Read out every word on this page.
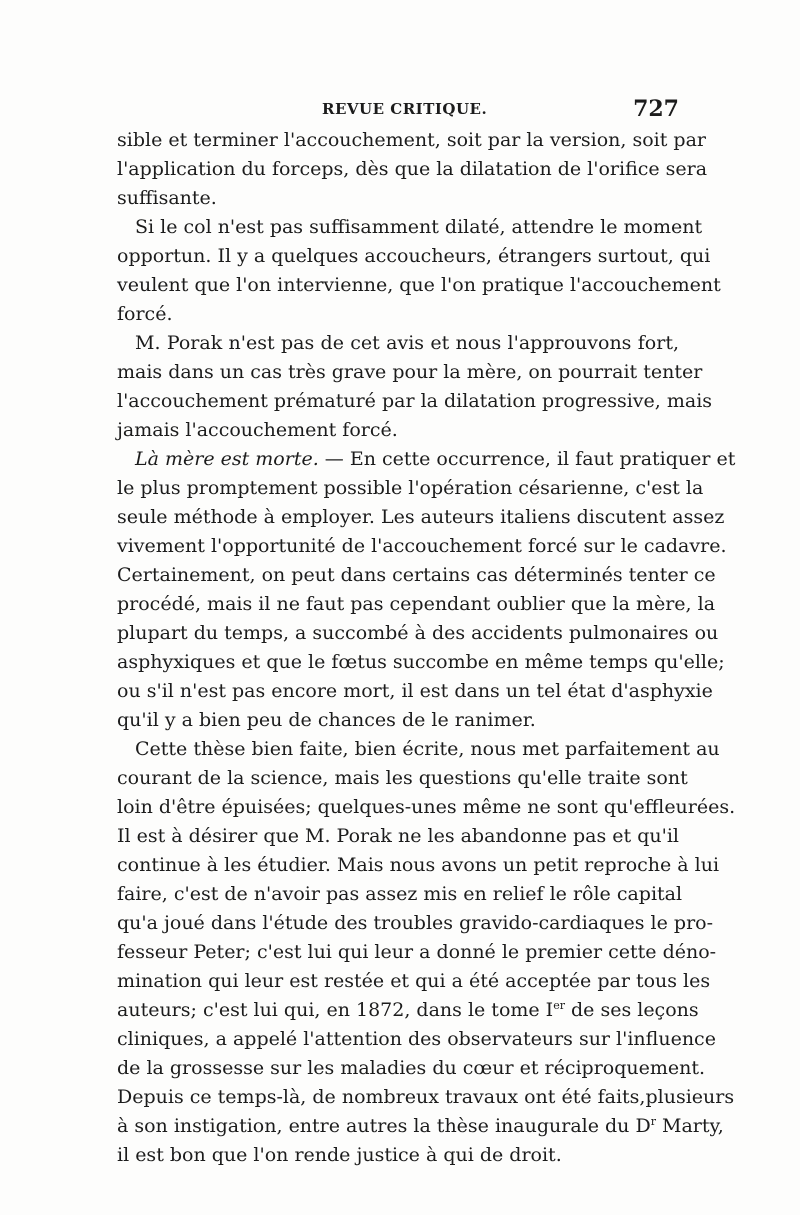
REVUE CRITIQUE.	727
sible et terminer l'accouchement, soit par la version, soit par
l'application du forceps, dès que la dilatation de l'orifice sera
suffisante.
Si le col n'est pas suffisamment dilaté, attendre le moment
opportun. Il y a quelques accoucheurs, étrangers surtout, qui
veulent que l'on intervienne, que l'on pratique l'accouchement
forcé.
M. Porak n'est pas de cet avis et nous l'approuvons fort,
mais dans un cas très grave pour la mère, on pourrait tenter
l'accouchement prématuré par la dilatation progressive, mais
jamais l'accouchement forcé.
Là mère est morte. — En cette occurrence, il faut pratiquer et
le plus promptement possible l'opération césarienne, c'est la
seule méthode à employer. Les auteurs italiens discutent assez
vivement l'opportunité de l'accouchement forcé sur le cadavre.
Certainement, on peut dans certains cas déterminés tenter ce
procédé, mais il ne faut pas cependant oublier que la mère, la
plupart du temps, a succombé à des accidents pulmonaires ou
asphyxiques et que le fœtus succombe en même temps qu'elle;
ou s'il n'est pas encore mort, il est dans un tel état d'asphyxie
qu'il y a bien peu de chances de le ranimer.
Cette thèse bien faite, bien écrite, nous met parfaitement au
courant de la science, mais les questions qu'elle traite sont
loin d'être épuisées; quelques-unes même ne sont qu'effleurées.
Il est à désirer que M. Porak ne les abandonne pas et qu'il
continue à les étudier. Mais nous avons un petit reproche à lui
faire, c'est de n'avoir pas assez mis en relief le rôle capital
qu'a joué dans l'étude des troubles gravido-cardiaques le pro-
fesseur Peter; c'est lui qui leur a donné le premier cette déno-
mination qui leur est restée et qui a été acceptée par tous les
auteurs; c'est lui qui, en 1872, dans le tome Ier de ses leçons
cliniques, a appelé l'attention des observateurs sur l'influence
de la grossesse sur les maladies du cœur et réciproquement.
Depuis ce temps-là, de nombreux travaux ont été faits,plusieurs
à son instigation, entre autres la thèse inaugurale du $D^r$ Marty,
il est bon que l'on rende justice à qui de droit.
